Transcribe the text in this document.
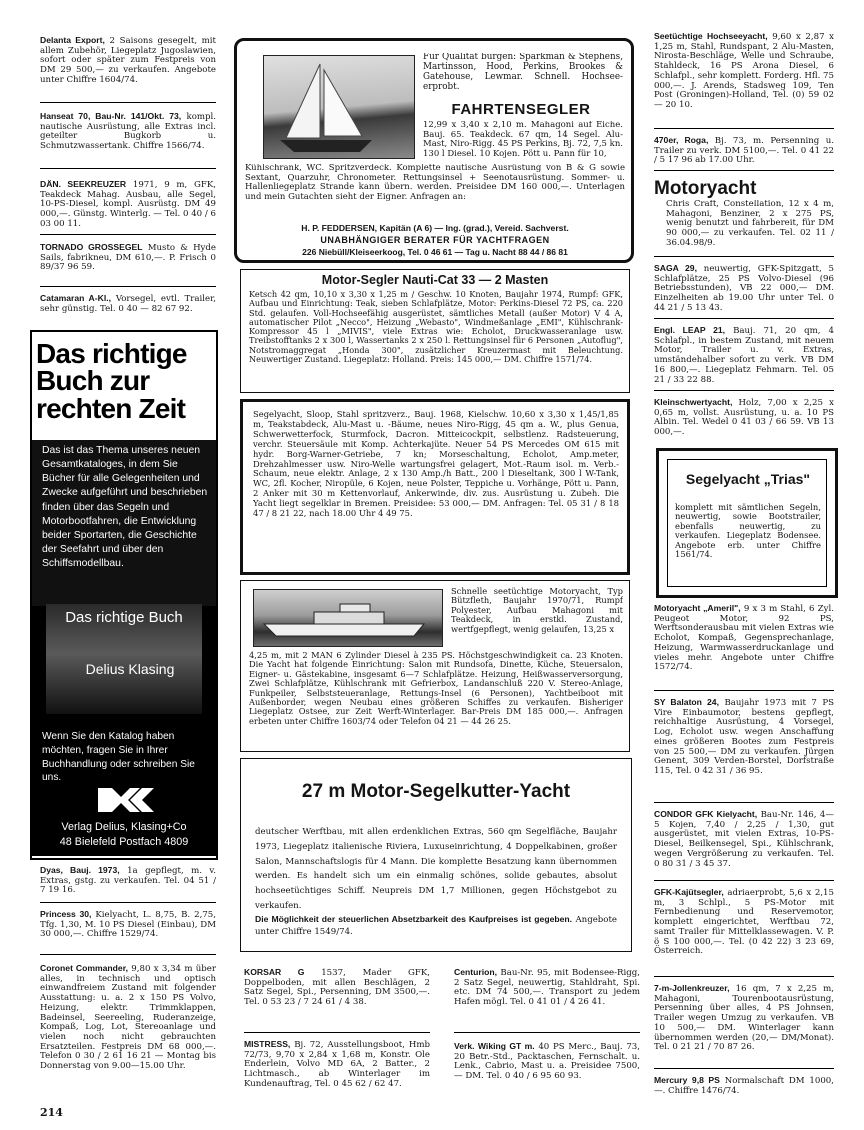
Delanta Export, 2 Saisons gesegelt, mit allem Zubehör, Liegeplatz Jugoslawien, sofort oder später zum Festpreis von DM 29 500,— zu verkaufen. Angebote unter Chiffre 1604/74.
Hanseat 70, Bau-Nr. 141/Okt. 73, kompl. nautische Ausrüstung, alle Extras incl. geteilter Bugkorb u. Schmutzwassertank. Chiffre 1566/74.
DÄN. SEEKREUZER 1971, 9 m, GFK, Teakdeck Mahag. Ausbau, alle Segel, 10-PS-Diesel, kompl. Ausrüstg. DM 49 000,—. Günstg. Winterlg. — Tel. 0 40 / 6 03 00 11.
TORNADO GROSSEGEL Musto & Hyde Sails, fabrikneu, DM 610,—. P. Frisch 0 89/37 96 59.
Catamaran A-Kl., Vorsegel, evtl. Trailer, sehr günstig. Tel. 0 40 — 82 67 92.
Das richtige Buch zur rechten Zeit
Das ist das Thema unseres neuen Gesamtkataloges, in dem Sie Bücher für alle Gelegenheiten und Zwecke aufgeführt und beschrieben finden über das Segeln und Motorbootfahren, die Entwicklung beider Sportarten, die Geschichte der Seefahrt und über den Schiffsmodellbau.
Das richtige Buch
Delius Klasing
Wenn Sie den Katalog haben möchten, fragen Sie in Ihrer Buchhandlung oder schreiben Sie uns.
Verlag Delius, Klasing+Co
48 Bielefeld Postfach 4809
Dyas, Bauj. 1973, 1a gepflegt, m. v. Extras, gstg. zu verkaufen. Tel. 04 51 / 7 19 16.
Princess 30, Kielyacht, L. 8,75, B. 2,75, Tfg. 1,30, M. 10 PS Diesel (Einbau), DM 30 000,—. Chiffre 1529/74.
Coronet Commander, 9,80 x 3,34 m über alles, in technisch und optisch einwandfreiem Zustand mit folgender Ausstattung: u. a. 2 x 150 PS Volvo, Heizung, elektr. Trimmklappen, Badeinsel, Seereeling, Ruderanzeige, Kompaß, Log, Lot, Stereoanlage und vielen noch nicht gebrauchten Ersatzteilen. Festpreis DM 68 000,—. Telefon 0 30 / 2 61 16 21 — Montag bis Donnerstag von 9.00—15.00 Uhr.
214
Für Qualität bürgen: Sparkman & Stephens, Martinsson, Hood, Perkins, Brookes & Gatehouse, Lewmar. Schnell. Hochsee-erprobt.
FAHRTENSEGLER
12,99 x 3,40 x 2,10 m. Mahagoni auf Eiche. Bauj. 65. Teakdeck. 67 qm, 14 Segel. Alu-Mast, Niro-Rigg. 45 PS Perkins, Bj. 72, 7,5 kn. 130 l Diesel. 10 Kojen. Pött u. Pann für 10,
Kühlschrank, WC. Spritzverdeck. Komplette nautische Ausrüstung von B & G sowie Sextant, Quarzuhr, Chronometer. Rettungsinsel + Seenotausrüstung. Sommer- u. Hallenliegeplatz Strande kann übern. werden. Preisidee DM 160 000,—. Unterlagen und mein Gutachten sieht der Eigner. Anfragen an:
H. P. FEDDERSEN, Kapitän (A 6) — Ing. (grad.), Vereid. Sachverst.
UNABHÄNGIGER BERATER FÜR YACHTFRAGEN
226 Niebüll/Kleiseerkoog, Tel. 0 46 61 — Tag u. Nacht 88 44 / 86 81
Motor-Segler Nauti-Cat 33 — 2 Masten
Ketsch 42 qm, 10,10 x 3,30 x 1,25 m / Geschw. 10 Knoten, Baujahr 1974, Rumpf: GFK, Aufbau und Einrichtung: Teak, sieben Schlafplätze, Motor: Perkins-Diesel 72 PS, ca. 220 Std. gelaufen. Voll-Hochseefähig ausgerüstet, sämtliches Metall (außer Motor) V 4 A, automatischer Pilot „Necco", Heizung „Webasto", Windmeßanlage „EMI", Kühlschrank-Kompressor 45 l „MIVIS", viele Extras wie: Echolot, Druckwasseranlage usw. Treibstofftanks 2 x 300 l, Wassertanks 2 x 250 l. Rettungsinsel für 6 Personen „Autoflug", Notstromaggregat „Honda 300", zusätzlicher Kreuzermast mit Beleuchtung. Neuwertiger Zustand. Liegeplatz: Holland. Preis: 145 000,— DM. Chiffre 1571/74.
Segelyacht, Sloop, Stahl spritzverz., Bauj. 1968, Kielschw. 10,60 x 3,30 x 1,45/1,85 m, Teakstabdeck, Alu-Mast u. -Bäume, neues Niro-Rigg, 45 qm a. W., plus Genua, Schwerwetterfock, Sturmfock, Dacron. Mitteicockpit, selbstlenz. Radsteuerung, verchr. Steuersäule mit Komp. Achterkajüte. Neuer 54 PS Mercedes OM 615 mit hydr. Borg-Warner-Getriebe, 7 kn; Morseschaltung, Echolot, Amp.meter, Drehzahlmesser usw. Niro-Welle wartungsfrei gelagert, Mot.-Raum isol. m. Verb.-Schaum, neue elektr. Anlage, 2 x 130 Amp./h Batt., 200 l Dieseltank, 300 l W-Tank, WC, 2fl. Kocher, Niropüle, 6 Kojen, neue Polster, Teppiche u. Vorhänge, Pött u. Pann, 2 Anker mit 30 m Kettenvorlauf, Ankerwinde, div. zus. Ausrüstung u. Zubeh. Die Yacht liegt segelklar in Bremen. Preisidee: 53 000,— DM. Anfragen: Tel. 05 31 / 8 18 47 / 8 21 22, nach 18.00 Uhr 4 49 75.
Schnelle seetüchtige Motoryacht, Typ Bützfleth, Baujahr 1970/71, Rumpf Polyester, Aufbau Mahagoni mit Teakdeck, in erstkl. Zustand, wertfgepflegt, wenig gelaufen, 13,25 x
4,25 m, mit 2 MAN 6 Zylinder Diesel à 235 PS. Höchstgeschwindigkeit ca. 23 Knoten. Die Yacht hat folgende Einrichtung: Salon mit Rundsofa, Dinette, Küche, Steuersalon, Eigner- u. Gästekabine, insgesamt 6—7 Schlafplätze. Heizung, Heißwasserversorgung, Zwei Schlafplätze, Kühlschrank mit Gefrierbox, Landanschluß 220 V. Stereo-Anlage, Funkpeiler, Selbststeueranlage, Rettungs-Insel (6 Personen), Yachtbeiboot mit Außenborder, wegen Neubau eines größeren Schiffes zu verkaufen. Bisheriger Liegeplatz Ostsee, zur Zeit Werft-Winterlager. Bar-Preis DM 185 000,—. Anfragen erbeten unter Chiffre 1603/74 oder Telefon 04 21 — 44 26 25.
27 m Motor-Segelkutter-Yacht
deutscher Werftbau, mit allen erdenklichen Extras, 560 qm Segelfläche, Baujahr 1973, Liegeplatz italienische Riviera, Luxuseinrichtung, 4 Doppelkabinen, großer Salon, Mannschaftslogis für 4 Mann. Die komplette Besatzung kann übernommen werden. Es handelt sich um ein einmalig schönes, solide gebautes, absolut hochseetüchtiges Schiff. Neupreis DM 1,7 Millionen, gegen Höchstgebot zu verkaufen.
Die Möglichkeit der steuerlichen Absetzbarkeit des Kaufpreises ist gegeben. Angebote unter Chiffre 1549/74.
KORSAR G 1537, Mader GFK, Doppelboden, mit allen Beschlägen, 2 Satz Segel, Spi., Persenning, DM 3500,—. Tel. 0 53 23 / 7 24 61 / 4 38.
MISTRESS, Bj. 72, Ausstellungsboot, Hmb 72/73, 9,70 x 2,84 x 1,68 m, Konstr. Ole Enderlein, Volvo MD 6A, 2 Batter., 2 Lichtmasch., ab Winterlager im Kundenauftrag, Tel. 0 45 62 / 62 47.
Centurion, Bau-Nr. 95, mit Bodensee-Rigg, 2 Satz Segel, neuwertig, Stahldraht, Spi. etc. DM 74 500,—. Transport zu jedem Hafen mögl. Tel. 0 41 01 / 4 26 41.
Verk. Wiking GT m. 40 PS Merc., Bauj. 73, 20 Betr.-Std., Packtaschen, Fernschalt. u. Lenk., Cabrio, Mast u. a. Preisidee 7500,— DM. Tel. 0 40 / 6 95 60 93.
Seetüchtige Hochseeyacht, 9,60 x 2,87 x 1,25 m, Stahl, Rundspant, 2 Alu-Masten, Nirosta-Beschläge, Welle und Schraube, Stahldeck, 16 PS Arona Diesel, 6 Schlafpl., sehr komplett. Forderg. Hfl. 75 000,—. J. Arends, Stadsweg 109, Ten Post (Groningen)-Holland, Tel. (0) 59 02 — 20 10.
470er, Roga, Bj. 73, m. Persenning u. Trailer zu verk. DM 5100,—. Tel. 0 41 22 / 5 17 96 ab 17.00 Uhr.
Motoryacht
Chris Craft, Constellation, 12 x 4 m, Mahagoni, Benziner, 2 x 275 PS, wenig benutzt und fahrbereit, für DM 90 000,— zu verkaufen. Tel. 02 11 / 36.04.98/9.
SAGA 29, neuwertig, GFK-Spitzgatt, 5 Schlafplätze, 25 PS Volvo-Diesel (96 Betriebsstunden), VB 22 000,— DM. Einzelheiten ab 19.00 Uhr unter Tel. 0 44 21 / 5 13 43.
Engl. LEAP 21, Bauj. 71, 20 qm, 4 Schlafpl., in bestem Zustand, mit neuem Motor, Trailer u. v. Extras, umständehalber sofort zu verk. VB DM 16 800,—. Liegeplatz Fehmarn. Tel. 05 21 / 33 22 88.
Kleinschwertyacht, Holz, 7,00 x 2,25 x 0,65 m, vollst. Ausrüstung, u. a. 10 PS Albin. Tel. Wedel 0 41 03 / 66 59. VB 13 000,—.
Segelyacht „Trias"
komplett mit sämtlichen Segeln, neuwertig, sowie Bootstrailer, ebenfalls neuwertig, zu verkaufen. Liegeplatz Bodensee. Angebote erb. unter Chiffre 1561/74.
Motoryacht „Ameril", 9 x 3 m Stahl, 6 Zyl. Peugeot Motor, 92 PS, Werftsonderausbau mit vielen Extras wie Echolot, Kompaß, Gegensprechanlage, Heizung, Warmwasserdruckanlage und vieles mehr. Angebote unter Chiffre 1572/74.
SY Balaton 24, Baujahr 1973 mit 7 PS Vire Einbaumotor, bestens gepflegt, reichhaltige Ausrüstung, 4 Vorsegel, Log, Echolot usw. wegen Anschaffung eines größeren Bootes zum Festpreis von 25 500,— DM zu verkaufen. Jürgen Genent, 309 Verden-Borstel, Dorfstraße 115, Tel. 0 42 31 / 36 95.
CONDOR GFK Kielyacht, Bau-Nr. 146, 4—5 Kojen, 7,40 / 2,25 / 1,30, gut ausgerüstet, mit vielen Extras, 10-PS-Diesel, Beilkensegel, Spi., Kühlschrank, wegen Vergrößerung zu verkaufen. Tel. 0 80 31 / 3 45 37.
GFK-Kajütsegler, adriaerprobt, 5,6 x 2,15 m, 3 Schlpl., 5 PS-Motor mit Fernbedienung und Reservemotor, komplett eingerichtet, Werftbau 72, samt Trailer für Mittelklassewagen. V. P. ö S 100 000,—. Tel. (0 42 22) 3 23 69, Österreich.
7-m-Jollenkreuzer, 16 qm, 7 x 2,25 m, Mahagoni, Tourenbootausrüstung, Persenning über alles, 4 PS Johnsen, Trailer wegen Umzug zu verkaufen. VB 10 500,— DM. Winterlager kann übernommen werden (20,— DM/Monat). Tel. 0 21 21 / 70 87 26.
Mercury 9,8 PS Normalschaft DM 1000,—. Chiffre 1476/74.
